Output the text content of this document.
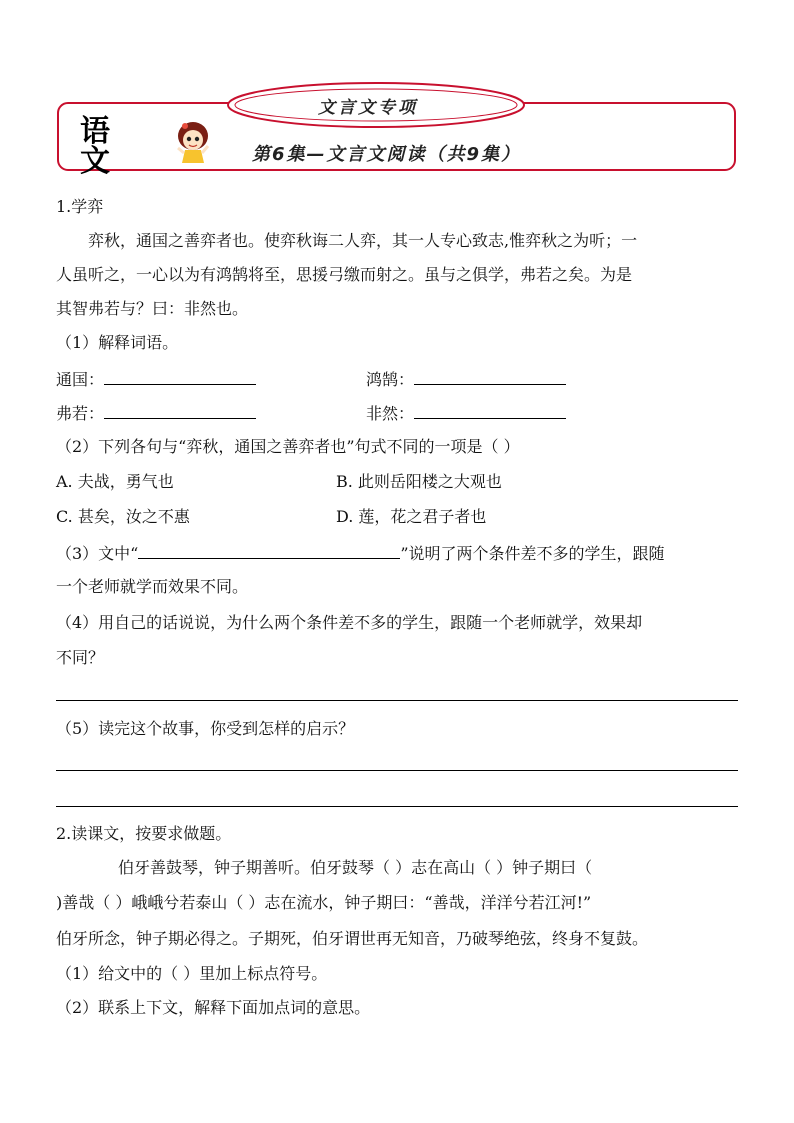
文言文专项
语
文	第6集—文言文阅读（共9集）
1.学弈
弈秋，通国之善弈者也。使弈秋诲二人弈，其一人专心致志,惟弈秋之为听；一
人虽听之，一心以为有鸿鹄将至，思援弓缴而射之。虽与之俱学，弗若之矣。为是
其智弗若与？曰：非然也。
（1）解释词语。
通国：	鸿鹄：
弗若：	非然：
（2）下列各句与“弈秋，通国之善弈者也”句式不同的一项是（ ）
A. 夫战，勇气也	B. 此则岳阳楼之大观也
C. 甚矣，汝之不惠	D. 莲，花之君子者也
（3）文中“	”说明了两个条件差不多的学生，跟随
一个老师就学而效果不同。
（4）用自己的话说说，为什么两个条件差不多的学生，跟随一个老师就学，效果却
不同？
（5）读完这个故事，你受到怎样的启示？
2.读课文，按要求做题。
伯牙善鼓琴，钟子期善听。伯牙鼓琴（ ）志在高山（ ）钟子期曰（
)善哉（ ）峨峨兮若泰山（ ）志在流水，钟子期曰：“善哉，洋洋兮若江河!”
伯牙所念，钟子期必得之。子期死，伯牙谓世再无知音，乃破琴绝弦，终身不复鼓。
（1）给文中的（ ）里加上标点符号。
（2）联系上下文，解释下面加点词的意思。
